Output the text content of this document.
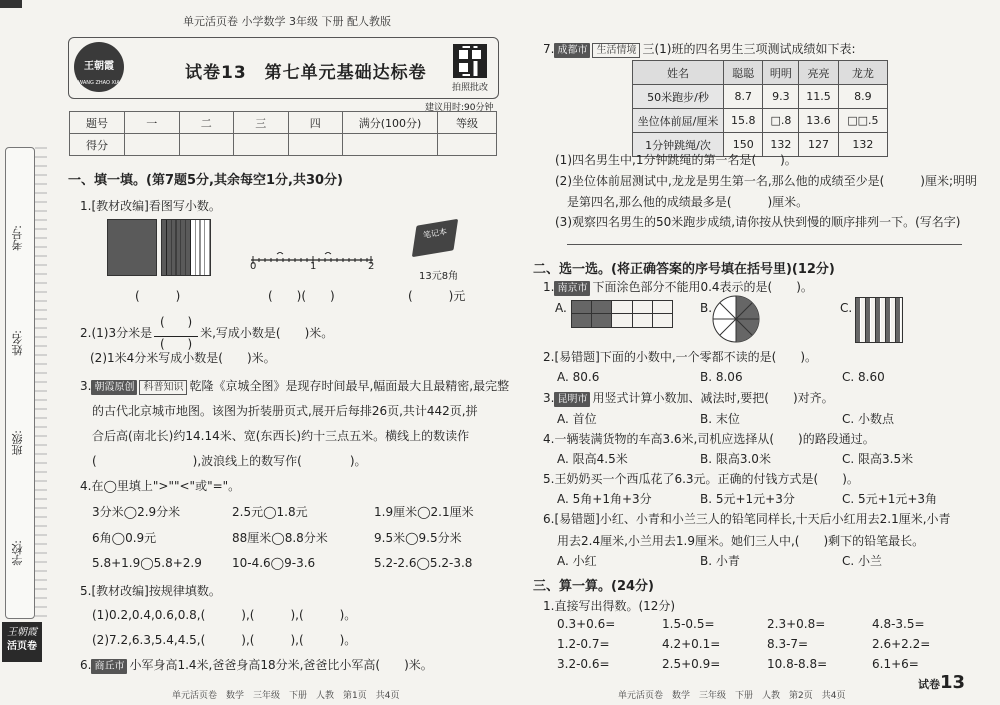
单元活页卷 小学数学 3年级 下册 配人教版
考号:
姓名:
班级:
学校:
王朝霞
活页卷
王朝霞
WANG ZHAO XIA	试卷13　第七单元基础达标卷
拍照批改
建议用时:90分钟
题号	一	二	三	四	满分(100分)	等级
得分						
一、填一填。(第7题5分,其余每空1分,共30分)
1.[教材改编]看图写小数。
0	1	2
笔记本
13元8角
(　　　)	(　　)(　　)	(　　　)元
2.(1)3分米是(      )

(      )米,写成小数是(　　)米。
(2)1米4分米写成小数是(　　)米。
3. 朝霞原创 科普知识 乾隆《京城全图》是现存时间最早,幅面最大且最精密,最完整
的古代北京城市地图。该图为折装册页式,展开后每排26页,共计442页,拼
合后高(南北长)约14.14米、宽(东西长)约十三点五米。横线上的数读作
(　　　　　　　　),波浪线上的数写作(　　　　)。
4.在◯里填上">""<"或"="。
3分米◯2.9分米	2.5元◯1.8元	1.9厘米◯2.1厘米
6角◯0.9元	88厘米◯8.8分米	9.5米◯9.5分米
5.8+1.9◯5.8+2.9	10-4.6◯9-3.6	5.2-2.6◯5.2-3.8
5.[教材改编]按规律填数。
(1)0.2,0.4,0.6,0.8,(　　　),(　　　),(　　　)。
(2)7.2,6.3,5.4,4.5,(　　　),(　　　),(　　　)。
6. 商丘市 小军身高1.4米,爸爸身高18分米,爸爸比小军高(　　)米。
单元活页卷　数学　三年级　下册　人教　第1页　共4页
7. 成都市 生活情境 三(1)班的四名男生三项测试成绩如下表:
姓名	聪聪	明明	亮亮	龙龙
50米跑步/秒	8.7	9.3	11.5	8.9
坐位体前屈/厘米	15.8	□.8	13.6	□□.5
1分钟跳绳/次	150	132	127	132
(1)四名男生中,1分钟跳绳的第一名是(　　)。
(2)坐位体前屈测试中,龙龙是男生第一名,那么他的成绩至少是(　　　)厘米;明明
是第四名,那么他的成绩最多是(　　　)厘米。
(3)观察四名男生的50米跑步成绩,请你按从快到慢的顺序排列一下。(写名字)
二、选一选。(将正确答案的序号填在括号里)(12分)
1. 南京市 下面涂色部分不能用0.4表示的是(　　)。
A.	B.	C.
2.[易错题]下面的小数中,一个零都不读的是(　　)。
A. 80.6	B. 8.06	C. 8.60
3. 昆明市 用竖式计算小数加、减法时,要把(　　)对齐。
A. 首位	B. 末位	C. 小数点
4.一辆装满货物的车高3.6米,司机应选择从(　　)的路段通过。
A. 限高4.5米	B. 限高3.0米	C. 限高3.5米
5.王奶奶买一个西瓜花了6.3元。正确的付钱方式是(　　)。
A. 5角+1角+3分	B. 5元+1元+3分	C. 5元+1元+3角
6.[易错题]小红、小青和小兰三人的铅笔同样长,十天后小红用去2.1厘米,小青
用去2.4厘米,小兰用去1.9厘米。她们三人中,(　　)剩下的铅笔最长。
A. 小红	B. 小青	C. 小兰
三、算一算。(24分)
1.直接写出得数。(12分)
0.3+0.6=	1.5-0.5=	2.3+0.8=	4.8-3.5=
1.2-0.7=	4.2+0.1=	8.3-7=	2.6+2.2=
3.2-0.6=	2.5+0.9=	10.8-8.8=	6.1+6=
单元活页卷　数学　三年级　下册　人教　第2页　共4页
试卷13
